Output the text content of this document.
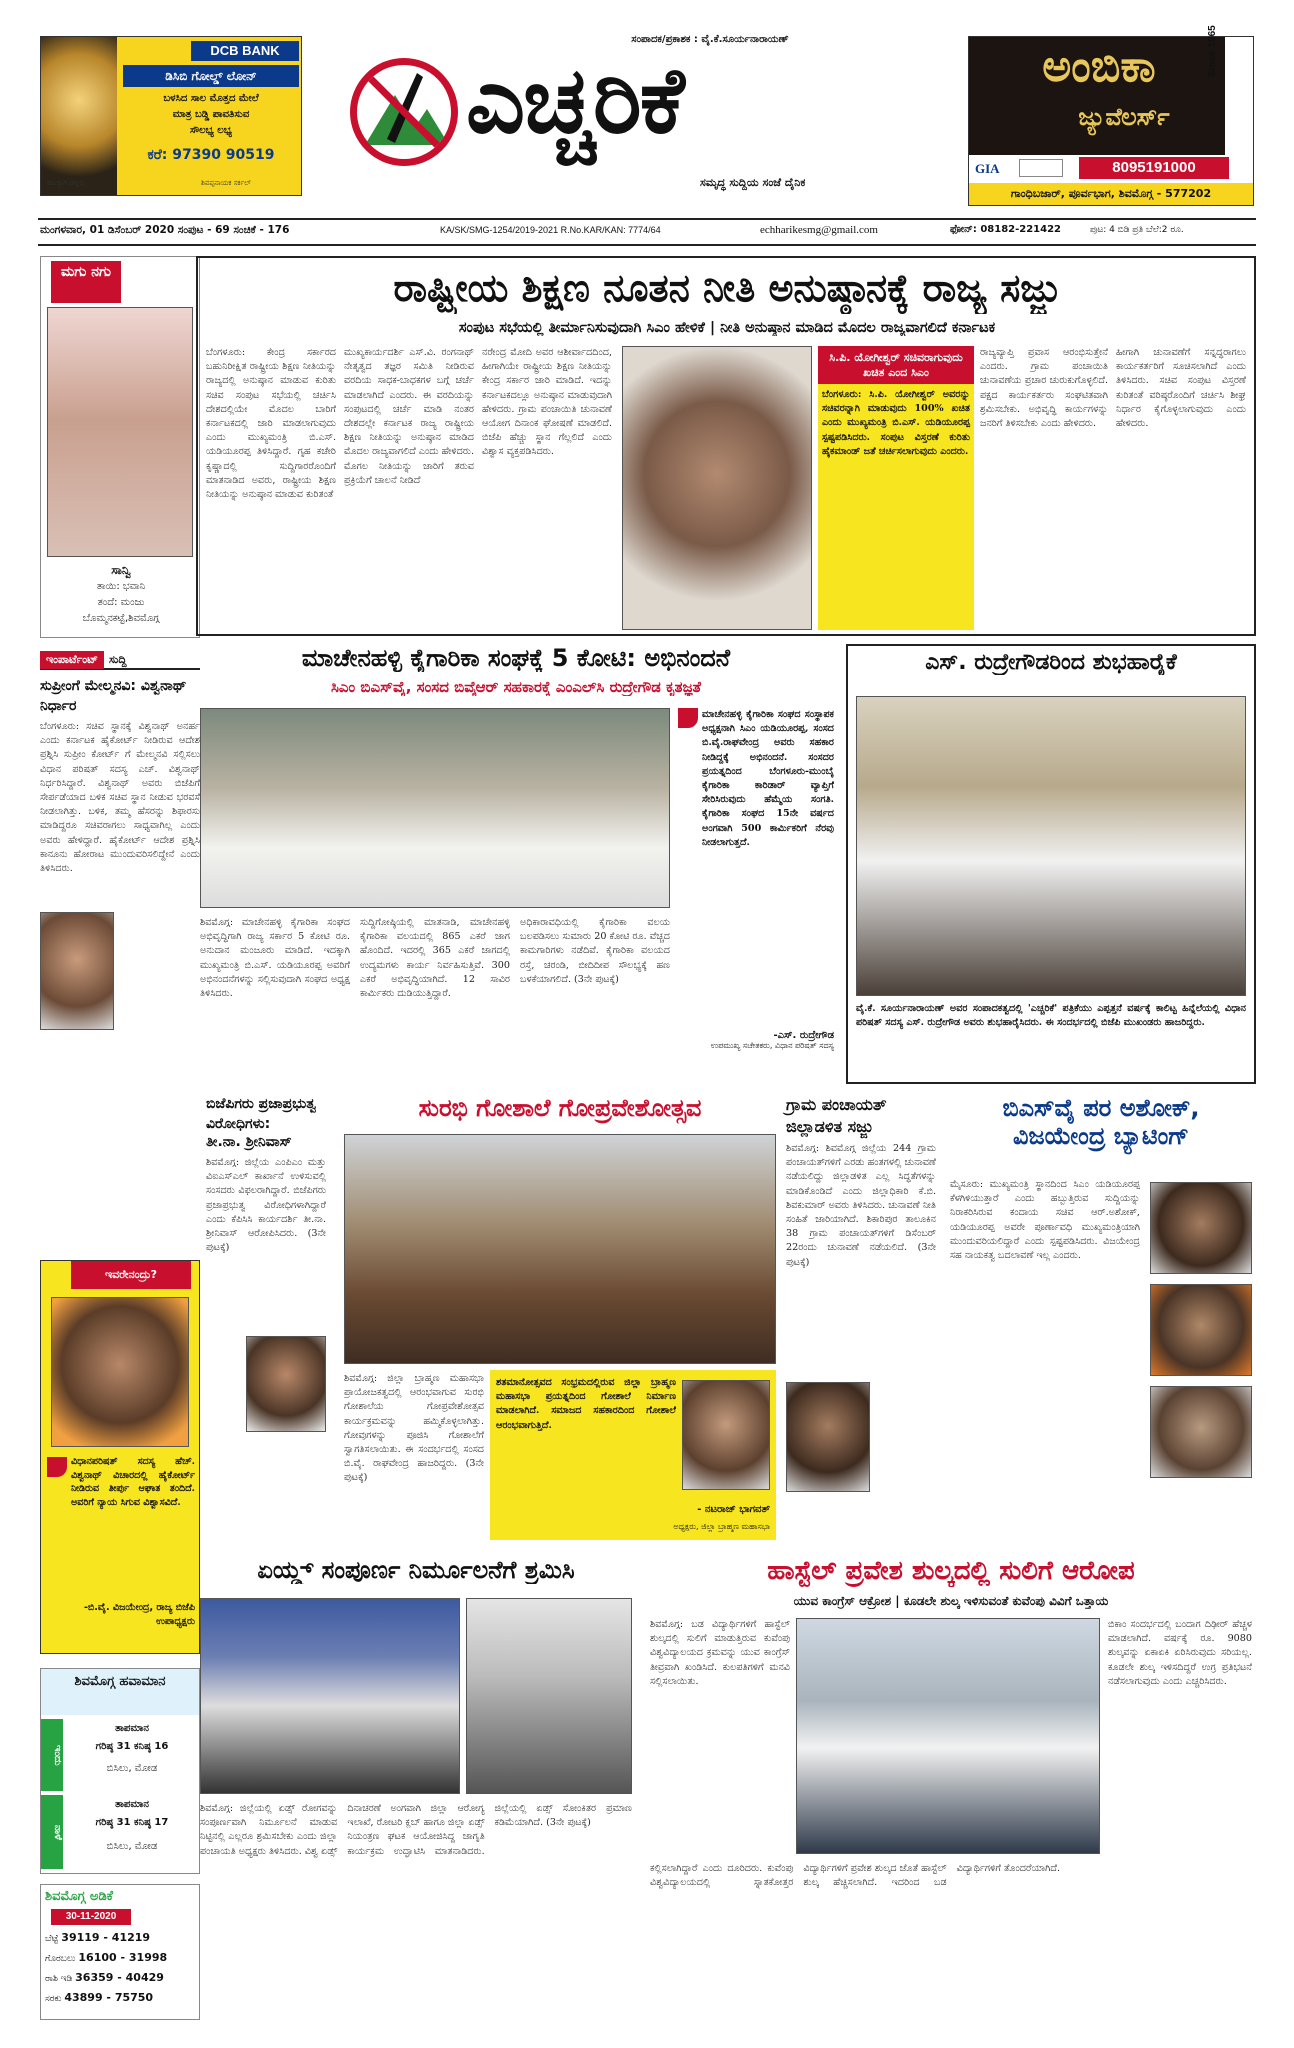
DCB BANK
ಡಿಸಿಬಿ ಗೋಲ್ಡ್ ಲೋನ್
ಬಳಸಿದ ಸಾಲ ಮೊತ್ತದ ಮೇಲೆ
ಮಾತ್ರ ಬಡ್ಡಿ ಪಾವತಿಸುವ
ಸೌಲಭ್ಯ ಲಭ್ಯ
ಕರೆ: 97390 90519
ಹಣಕ್ಕಾಗಿ ಚಿನ್ನವು	ಶಿವಪ್ಪನಾಯಕ ಸರ್ಕಲ್
ಸಂಪಾದಕ/ಪ್ರಕಾಶಕ : ವೈ.ಕೆ.ಸೂರ್ಯನಾರಾಯಣ್
ಎಚ್ಚರಿಕೆ
ಸಮೃದ್ಧ ಸುದ್ದಿಯ ಸಂಜೆ ದೈನಿಕ
ಅಂಬಿಕಾ
ಜ್ಯುವೆಲರ್ಸ್
Since 1965
GIA	8095191000
ಗಾಂಧಿಬಜಾರ್, ಪೂರ್ವಭಾಗ, ಶಿವಮೊಗ್ಗ - 577202
ಮಂಗಳವಾರ, 01 ಡಿಸೆಂಬರ್ 2020 ಸಂಪುಟ - 69 ಸಂಚಿಕೆ - 176	KA/SK/SMG-1254/2019-2021 R.No.KAR/KAN: 7774/64	echharikesmg@gmail.com	ಫೋನ್: 08182-221422	ಪುಟ: 4 ಬಿಡಿ ಪ್ರತಿ ಬೆಲೆ:2 ರೂ.
ಮಗು ನಗು
ಸಾನ್ವಿ
ತಾಯಿ: ಭವಾನಿ
ತಂದೆ: ಮಂಜು
ಬೊಮ್ಮನಕಟ್ಟೆ,ಶಿವಮೊಗ್ಗ
ಇಂಪಾರ್ಟೆಂಟ್ ಸುದ್ದಿ
ಸುಪ್ರೀಂಗೆ ಮೇಲ್ಮನವಿ: ವಿಶ್ವನಾಥ್ ನಿರ್ಧಾರ
ಬೆಂಗಳೂರು: ಸಚಿವ ಸ್ಥಾನಕ್ಕೆ ವಿಶ್ವನಾಥ್ ಅನರ್ಹ ಎಂದು ಕರ್ನಾಟಕ ಹೈಕೋರ್ಟ್ ನೀಡಿರುವ ಆದೇಶ ಪ್ರಶ್ನಿಸಿ ಸುಪ್ರೀಂ ಕೋರ್ಟ್ ಗೆ ಮೇಲ್ಮನವಿ ಸಲ್ಲಿಸಲು ವಿಧಾನ ಪರಿಷತ್ ಸದಸ್ಯ ಎಚ್. ವಿಶ್ವನಾಥ್ ನಿರ್ಧರಿಸಿದ್ದಾರೆ. ವಿಶ್ವನಾಥ್ ಅವರು ಬಿಜೆಪಿಗೆ ಸೇರ್ಪಡೆಯಾದ ಬಳಿಕ ಸಚಿವ ಸ್ಥಾನ ನೀಡುವ ಭರವಸೆ ನೀಡಲಾಗಿತ್ತು. ಬಳಿಕ, ತಮ್ಮ ಹೆಸರನ್ನು ಶಿಫಾರಸು ಮಾಡಿದ್ದರೂ ಸಚಿವರಾಗಲು ಸಾಧ್ಯವಾಗಿಲ್ಲ ಎಂದು ಅವರು ಹೇಳಿದ್ದಾರೆ. ಹೈಕೋರ್ಟ್ ಆದೇಶ ಪ್ರಶ್ನಿಸಿ ಕಾನೂನು ಹೋರಾಟ ಮುಂದುವರಿಸಲಿದ್ದೇನೆ ಎಂದು ತಿಳಿಸಿದರು.
ಇವರೇನಂದ್ರು?
ವಿಧಾನಪರಿಷತ್ ಸದಸ್ಯ ಹೆಚ್. ವಿಶ್ವನಾಥ್ ವಿಚಾರದಲ್ಲಿ ಹೈಕೋರ್ಟ್ ನೀಡಿರುವ ತೀರ್ಪು ಆಘಾತ ತಂದಿದೆ. ಅವರಿಗೆ ನ್ಯಾಯ ಸಿಗುವ ವಿಶ್ವಾಸವಿದೆ.
-ಬಿ.ವೈ. ವಿಜಯೇಂದ್ರ, ರಾಜ್ಯ ಬಿಜೆಪಿ ಉಪಾಧ್ಯಕ್ಷರು
ಶಿವಮೊಗ್ಗ ಹವಾಮಾನ
ಇಂದು
ತಾಪಮಾನ
ಗರಿಷ್ಠ 31 ಕನಿಷ್ಠ 16
ಬಿಸಿಲು, ಮೋಡ
ನಾಳೆ
ತಾಪಮಾನ
ಗರಿಷ್ಠ 31 ಕನಿಷ್ಠ 17
ಬಿಸಿಲು, ಮೋಡ
ಶಿವಮೊಗ್ಗ ಅಡಿಕೆ
30-11-2020
ಬೆಟ್ಟೆ 39119 - 41219
ಗೊರಬಲು 16100 - 31998
ರಾಶಿ ಇಡಿ 36359 - 40429
ಸರಕು 43899 - 75750
ರಾಷ್ಟ್ರೀಯ ಶಿಕ್ಷಣ ನೂತನ ನೀತಿ ಅನುಷ್ಠಾನಕ್ಕೆ ರಾಜ್ಯ ಸಜ್ಜು
ಸಂಪುಟ ಸಭೆಯಲ್ಲಿ ತೀರ್ಮಾನಿಸುವುದಾಗಿ ಸಿಎಂ ಹೇಳಿಕೆ | ನೀತಿ ಅನುಷ್ಠಾನ ಮಾಡಿದ ಮೊದಲ ರಾಜ್ಯವಾಗಲಿದೆ ಕರ್ನಾಟಕ
ಬೆಂಗಳೂರು: ಕೇಂದ್ರ ಸರ್ಕಾರದ ಬಹುನಿರೀಕ್ಷಿತ ರಾಷ್ಟ್ರೀಯ ಶಿಕ್ಷಣ ನೀತಿಯನ್ನು ರಾಜ್ಯದಲ್ಲಿ ಅನುಷ್ಠಾನ ಮಾಡುವ ಕುರಿತು ಸಚಿವ ಸಂಪುಟ ಸಭೆಯಲ್ಲಿ ಚರ್ಚಿಸಿ ದೇಶದಲ್ಲಿಯೇ ಮೊದಲ ಬಾರಿಗೆ ಕರ್ನಾಟಕದಲ್ಲಿ ಜಾರಿ ಮಾಡಲಾಗುವುದು ಎಂದು ಮುಖ್ಯಮಂತ್ರಿ ಬಿ.ಎಸ್. ಯಡಿಯೂರಪ್ಪ ತಿಳಿಸಿದ್ದಾರೆ. ಗೃಹ ಕಚೇರಿ ಕೃಷ್ಣಾದಲ್ಲಿ ಸುದ್ದಿಗಾರರೊಂದಿಗೆ ಮಾತನಾಡಿದ ಅವರು, ರಾಷ್ಟ್ರೀಯ ಶಿಕ್ಷಣ ನೀತಿಯನ್ನು ಅನುಷ್ಠಾನ ಮಾಡುವ ಕುರಿತಂತೆ
ಮುಖ್ಯಕಾರ್ಯದರ್ಶಿ ಎಸ್.ವಿ. ರಂಗನಾಥ್ ನೇತೃತ್ವದ ತಜ್ಞರ ಸಮಿತಿ ನೀಡಿರುವ ವರದಿಯ ಸಾಧಕ-ಬಾಧಕಗಳ ಬಗ್ಗೆ ಚರ್ಚೆ ಮಾಡಲಾಗಿದೆ ಎಂದರು. ಈ ವರದಿಯನ್ನು ಸಂಪುಟದಲ್ಲಿ ಚರ್ಚೆ ಮಾಡಿ ನಂತರ ದೇಶದಲ್ಲೇ ಕರ್ನಾಟಕ ರಾಜ್ಯ ರಾಷ್ಟ್ರೀಯ ಶಿಕ್ಷಣ ನೀತಿಯನ್ನು ಅನುಷ್ಠಾನ ಮಾಡಿದ ಮೊದಲ ರಾಜ್ಯವಾಗಲಿದೆ ಎಂದು ಹೇಳಿದರು. ಮೊಗಲ ನೀತಿಯನ್ನು ಜಾರಿಗೆ ತರುವ ಪ್ರಕ್ರಿಯೆಗೆ ಚಾಲನೆ ನೀಡಿದೆ
ನರೇಂದ್ರ ಮೋದಿ ಅವರ ಆಶೀರ್ವಾದದಿಂದ, ಹೀಗಾಗಿಯೇ ರಾಷ್ಟ್ರೀಯ ಶಿಕ್ಷಣ ನೀತಿಯನ್ನು ಕೇಂದ್ರ ಸರ್ಕಾರ ಜಾರಿ ಮಾಡಿದೆ. ಇದನ್ನು ಕರ್ನಾಟಕದಲ್ಲೂ ಅನುಷ್ಠಾನ ಮಾಡುವುದಾಗಿ ಹೇಳಿದರು. ಗ್ರಾಮ ಪಂಚಾಯಿತಿ ಚುನಾವಣೆ ಆಯೋಗ ದಿನಾಂಕ ಘೋಷಣೆ ಮಾಡಲಿದೆ. ಬಿಜೆಪಿ ಹೆಚ್ಚು ಸ್ಥಾನ ಗೆಲ್ಲಲಿದೆ ಎಂದು ವಿಶ್ವಾಸ ವ್ಯಕ್ತಪಡಿಸಿದರು.
ಸಿ.ಪಿ. ಯೋಗೀಶ್ವರ್ ಸಚಿವರಾಗುವುದು ಖಚಿತ ಎಂದ ಸಿಎಂ
ಬೆಂಗಳೂರು: ಸಿ.ಪಿ. ಯೋಗೀಶ್ವರ್ ಅವರನ್ನು ಸಚಿವರನ್ನಾಗಿ ಮಾಡುವುದು 100% ಖಚಿತ ಎಂದು ಮುಖ್ಯಮಂತ್ರಿ ಬಿ.ಎಸ್. ಯಡಿಯೂರಪ್ಪ ಸ್ಪಷ್ಟಪಡಿಸಿದರು. ಸಂಪುಟ ವಿಸ್ತರಣೆ ಕುರಿತು ಹೈಕಮಾಂಡ್ ಜತೆ ಚರ್ಚಿಸಲಾಗುವುದು ಎಂದರು.
ರಾಜ್ಯವ್ಯಾಪ್ತಿ ಪ್ರವಾಸ ಆರಂಭಿಸುತ್ತೇನೆ ಎಂದರು. ಗ್ರಾಮ ಪಂಚಾಯಿತಿ ಚುನಾವಣೆಯ ಪ್ರಚಾರ ಚುರುಕುಗೊಳ್ಳಲಿದೆ. ಪಕ್ಷದ ಕಾರ್ಯಕರ್ತರು ಸಂಘಟಿತವಾಗಿ ಶ್ರಮಿಸಬೇಕು. ಅಭಿವೃದ್ಧಿ ಕಾರ್ಯಗಳನ್ನು ಜನರಿಗೆ ತಿಳಿಸಬೇಕು ಎಂದು ಹೇಳಿದರು.
ಹೀಗಾಗಿ ಚುನಾವಣೆಗೆ ಸನ್ನದ್ಧರಾಗಲು ಕಾರ್ಯಕರ್ತರಿಗೆ ಸೂಚಿಸಲಾಗಿದೆ ಎಂದು ತಿಳಿಸಿದರು. ಸಚಿವ ಸಂಪುಟ ವಿಸ್ತರಣೆ ಕುರಿತಂತೆ ವರಿಷ್ಠರೊಂದಿಗೆ ಚರ್ಚಿಸಿ ಶೀಘ್ರ ನಿರ್ಧಾರ ಕೈಗೊಳ್ಳಲಾಗುವುದು ಎಂದು ಹೇಳಿದರು.
ಮಾಚೇನಹಳ್ಳಿ ಕೈಗಾರಿಕಾ ಸಂಘಕ್ಕೆ 5 ಕೋಟಿ: ಅಭಿನಂದನೆ
ಸಿಎಂ ಬಿಎಸ್‌ವೈ, ಸಂಸದ ಬಿವೈಆರ್ ಸಹಕಾರಕ್ಕೆ ಎಂಎಲ್‌ಸಿ ರುದ್ರೇಗೌಡ ಕೃತಜ್ಞತೆ
ಶಿವಮೊಗ್ಗ: ಮಾಚೇನಹಳ್ಳಿ ಕೈಗಾರಿಕಾ ಸಂಘದ ಅಭಿವೃದ್ಧಿಗಾಗಿ ರಾಜ್ಯ ಸರ್ಕಾರ 5 ಕೋಟಿ ರೂ. ಅನುದಾನ ಮಂಜೂರು ಮಾಡಿದೆ. ಇದಕ್ಕಾಗಿ ಮುಖ್ಯಮಂತ್ರಿ ಬಿ.ಎಸ್. ಯಡಿಯೂರಪ್ಪ ಅವರಿಗೆ ಅಭಿನಂದನೆಗಳನ್ನು ಸಲ್ಲಿಸುವುದಾಗಿ ಸಂಘದ ಅಧ್ಯಕ್ಷ ತಿಳಿಸಿದರು.
ಸುದ್ದಿಗೋಷ್ಠಿಯಲ್ಲಿ ಮಾತನಾಡಿ, ಮಾಚೇನಹಳ್ಳಿ ಕೈಗಾರಿಕಾ ವಲಯದಲ್ಲಿ 865 ಎಕರೆ ಜಾಗ ಹೊಂದಿದೆ. ಇದರಲ್ಲಿ 365 ಎಕರೆ ಜಾಗದಲ್ಲಿ ಉದ್ಯಮಗಳು ಕಾರ್ಯ ನಿರ್ವಹಿಸುತ್ತಿವೆ. 300 ಎಕರೆ ಅಭಿವೃದ್ಧಿಯಾಗಿದೆ. 12 ಸಾವಿರ ಕಾರ್ಮಿಕರು ದುಡಿಯುತ್ತಿದ್ದಾರೆ.
ಅಧಿಕಾರಾವಧಿಯಲ್ಲಿ ಕೈಗಾರಿಕಾ ವಲಯ ಬಲಪಡಿಸಲು ಸುಮಾರು 20 ಕೋಟಿ ರೂ. ವೆಚ್ಚದ ಕಾಮಗಾರಿಗಳು ನಡೆದಿವೆ. ಕೈಗಾರಿಕಾ ವಲಯದ ರಸ್ತೆ, ಚರಂಡಿ, ಬೀದಿದೀಪ ಸೌಲಭ್ಯಕ್ಕೆ ಹಣ ಬಳಕೆಯಾಗಲಿದೆ. (3ನೇ ಪುಟಕ್ಕೆ)
ಮಾಚೇನಹಳ್ಳಿ ಕೈಗಾರಿಕಾ ಸಂಘದ ಸಂಸ್ಥಾಪಕ ಅಧ್ಯಕ್ಷನಾಗಿ ಸಿಎಂ ಯಡಿಯೂರಪ್ಪ, ಸಂಸದ ಬಿ.ವೈ.ರಾಘವೇಂದ್ರ ಅವರು ಸಹಕಾರ ನೀಡಿದ್ದಕ್ಕೆ ಅಭಿನಂದನೆ. ಸಂಸದರ ಪ್ರಯತ್ನದಿಂದ ಬೆಂಗಳೂರು-ಮುಂಬೈ ಕೈಗಾರಿಕಾ ಕಾರಿಡಾರ್ ವ್ಯಾಪ್ತಿಗೆ ಸೇರಿಸಿರುವುದು ಹೆಮ್ಮೆಯ ಸಂಗತಿ. ಕೈಗಾರಿಕಾ ಸಂಘದ 15ನೇ ವರ್ಷದ ಅಂಗವಾಗಿ 500 ಕಾರ್ಮಿಕರಿಗೆ ನೆರವು ನೀಡಲಾಗುತ್ತದೆ.
-ಎಸ್. ರುದ್ರೇಗೌಡ
ಉಪಮುಖ್ಯ ಸಚೇತಕರು, ವಿಧಾನ ಪರಿಷತ್ ಸದಸ್ಯ
ಎಸ್. ರುದ್ರೇಗೌಡರಿಂದ ಶುಭಹಾರೈಕೆ
ವೈ.ಕೆ. ಸೂರ್ಯನಾರಾಯಣ್ ಅವರ ಸಂಪಾದಕತ್ವದಲ್ಲಿ 'ಎಚ್ಚರಿಕೆ' ಪತ್ರಿಕೆಯು ಎಪ್ಪತ್ತನೆ ವರ್ಷಕ್ಕೆ ಕಾಲಿಟ್ಟ ಹಿನ್ನೆಲೆಯಲ್ಲಿ ವಿಧಾನ ಪರಿಷತ್ ಸದಸ್ಯ ಎಸ್. ರುದ್ರೇಗೌಡ ಅವರು ಶುಭಹಾರೈಸಿದರು. ಈ ಸಂದರ್ಭದಲ್ಲಿ ಬಿಜೆಪಿ ಮುಖಂಡರು ಹಾಜರಿದ್ದರು.
ಬಿಜೆಪಿಗರು ಪ್ರಜಾಪ್ರಭುತ್ವ ವಿರೋಧಿಗಳು:
ತೀ.ನಾ. ಶ್ರೀನಿವಾಸ್
ಶಿವಮೊಗ್ಗ: ಜಿಲ್ಲೆಯ ಎಂಪಿಎಂ ಮತ್ತು ವಿಐಎಸ್ಎಲ್ ಕಾರ್ಖಾನೆ ಉಳಿಸುವಲ್ಲಿ ಸಂಸದರು ವಿಫಲರಾಗಿದ್ದಾರೆ. ಬಿಜೆಪಿಗರು ಪ್ರಜಾಪ್ರಭುತ್ವ ವಿರೋಧಿಗಳಾಗಿದ್ದಾರೆ ಎಂದು ಕೆಪಿಸಿಸಿ ಕಾರ್ಯದರ್ಶಿ ತೀ.ನಾ. ಶ್ರೀನಿವಾಸ್ ಆರೋಪಿಸಿದರು. (3ನೇ ಪುಟಕ್ಕೆ)
ಸುರಭಿ ಗೋಶಾಲೆ ಗೋಪ್ರವೇಶೋತ್ಸವ
ಶಿವಮೊಗ್ಗ: ಜಿಲ್ಲಾ ಬ್ರಾಹ್ಮಣ ಮಹಾಸಭಾ ಪ್ರಾಯೋಜಕತ್ವದಲ್ಲಿ ಆರಂಭವಾಗುವ ಸುರಭಿ ಗೋಶಾಲೆಯ ಗೋಪ್ರವೇಶೋತ್ಸವ ಕಾರ್ಯಕ್ರಮವನ್ನು ಹಮ್ಮಿಕೊಳ್ಳಲಾಗಿತ್ತು. ಗೋವುಗಳನ್ನು ಪೂಜಿಸಿ ಗೋಶಾಲೆಗೆ ಸ್ವಾಗತಿಸಲಾಯಿತು. ಈ ಸಂದರ್ಭದಲ್ಲಿ ಸಂಸದ ಬಿ.ವೈ. ರಾಘವೇಂದ್ರ ಹಾಜರಿದ್ದರು. (3ನೇ ಪುಟಕ್ಕೆ)
ಶತಮಾನೋತ್ಸವದ ಸಂಭ್ರಮದಲ್ಲಿರುವ ಜಿಲ್ಲಾ ಬ್ರಾಹ್ಮಣ ಮಹಾಸಭಾ ಪ್ರಯತ್ನದಿಂದ ಗೋಶಾಲೆ ನಿರ್ಮಾಣ ಮಾಡಲಾಗಿದೆ. ಸಮಾಜದ ಸಹಕಾರದಿಂದ ಗೋಶಾಲೆ ಆರಂಭವಾಗುತ್ತಿದೆ.
- ನಟರಾಜ್ ಭಾಗವತ್
ಅಧ್ಯಕ್ಷರು, ಜಿಲ್ಲಾ ಬ್ರಾಹ್ಮಣ ಮಹಾಸಭಾ
ಗ್ರಾಮ ಪಂಚಾಯತ್ ಜಿಲ್ಲಾಡಳಿತ ಸಜ್ಜು
ಶಿವಮೊಗ್ಗ: ಶಿವಮೊಗ್ಗ ಜಿಲ್ಲೆಯ 244 ಗ್ರಾಮ ಪಂಚಾಯತ್‌ಗಳಿಗೆ ಎರಡು ಹಂತಗಳಲ್ಲಿ ಚುನಾವಣೆ ನಡೆಯಲಿದ್ದು ಜಿಲ್ಲಾಡಳಿತ ಎಲ್ಲ ಸಿದ್ಧತೆಗಳನ್ನು ಮಾಡಿಕೊಂಡಿದೆ ಎಂದು ಜಿಲ್ಲಾಧಿಕಾರಿ ಕೆ.ಬಿ. ಶಿವಕುಮಾರ್ ಅವರು ತಿಳಿಸಿದರು. ಚುನಾವಣೆ ನೀತಿ ಸಂಹಿತೆ ಜಾರಿಯಾಗಿದೆ. ಶಿಕಾರಿಪುರ ತಾಲೂಕಿನ 38 ಗ್ರಾಮ ಪಂಚಾಯತ್‌ಗಳಿಗೆ ಡಿಸೆಂಬರ್ 22ರಂದು ಚುನಾವಣೆ ನಡೆಯಲಿದೆ. (3ನೇ ಪುಟಕ್ಕೆ)
ಬಿಎಸ್‌ವೈ ಪರ ಅಶೋಕ್,
ವಿಜಯೇಂದ್ರ ಬ್ಯಾಟಿಂಗ್
ಮೈಸೂರು: ಮುಖ್ಯಮಂತ್ರಿ ಸ್ಥಾನದಿಂದ ಸಿಎಂ ಯಡಿಯೂರಪ್ಪ ಕೆಳಗಿಳಿಯುತ್ತಾರೆ ಎಂದು ಹಬ್ಬುತ್ತಿರುವ ಸುದ್ದಿಯನ್ನು ನಿರಾಕರಿಸಿರುವ ಕಂದಾಯ ಸಚಿವ ಆರ್.ಅಶೋಕ್, ಯಡಿಯೂರಪ್ಪ ಅವರೇ ಪೂರ್ಣಾವಧಿ ಮುಖ್ಯಮಂತ್ರಿಯಾಗಿ ಮುಂದುವರಿಯಲಿದ್ದಾರೆ ಎಂದು ಸ್ಪಷ್ಟಪಡಿಸಿದರು. ವಿಜಯೇಂದ್ರ ಸಹ ನಾಯಕತ್ವ ಬದಲಾವಣೆ ಇಲ್ಲ ಎಂದರು.
ಏಯ್ಡ್ಸ್ ಸಂಪೂರ್ಣ ನಿರ್ಮೂಲನೆಗೆ ಶ್ರಮಿಸಿ
ಶಿವಮೊಗ್ಗ: ಜಿಲ್ಲೆಯಲ್ಲಿ ಏಡ್ಸ್ ರೋಗವನ್ನು ಸಂಪೂರ್ಣವಾಗಿ ನಿರ್ಮೂಲನೆ ಮಾಡುವ ನಿಟ್ಟಿನಲ್ಲಿ ಎಲ್ಲರೂ ಶ್ರಮಿಸಬೇಕು ಎಂದು ಜಿಲ್ಲಾ ಪಂಚಾಯತಿ ಅಧ್ಯಕ್ಷರು ತಿಳಿಸಿದರು. ವಿಶ್ವ ಏಡ್ಸ್ ದಿನಾಚರಣೆ ಅಂಗವಾಗಿ ಜಿಲ್ಲಾ ಆರೋಗ್ಯ ಇಲಾಖೆ, ರೋಟರಿ ಕ್ಲಬ್ ಹಾಗೂ ಜಿಲ್ಲಾ ಏಡ್ಸ್ ನಿಯಂತ್ರಣ ಘಟಕ ಆಯೋಜಿಸಿದ್ದ ಜಾಗೃತಿ ಕಾರ್ಯಕ್ರಮ ಉದ್ಘಾಟಿಸಿ ಮಾತನಾಡಿದರು. ಜಿಲ್ಲೆಯಲ್ಲಿ ಏಡ್ಸ್ ಸೋಂಕಿತರ ಪ್ರಮಾಣ ಕಡಿಮೆಯಾಗಿದೆ. (3ನೇ ಪುಟಕ್ಕೆ)
ಹಾಸ್ಟೆಲ್ ಪ್ರವೇಶ ಶುಲ್ಕದಲ್ಲಿ ಸುಲಿಗೆ ಆರೋಪ
ಯುವ ಕಾಂಗ್ರೆಸ್ ಆಕ್ರೋಶ | ಕೂಡಲೇ ಶುಲ್ಕ ಇಳಿಸುವಂತೆ ಕುವೆಂಪು ವಿವಿಗೆ ಒತ್ತಾಯ
ಶಿವಮೊಗ್ಗ: ಬಡ ವಿದ್ಯಾರ್ಥಿಗಳಿಗೆ ಹಾಸ್ಟೆಲ್ ಶುಲ್ಕದಲ್ಲಿ ಸುಲಿಗೆ ಮಾಡುತ್ತಿರುವ ಕುವೆಂಪು ವಿಶ್ವವಿದ್ಯಾಲಯದ ಕ್ರಮವನ್ನು ಯುವ ಕಾಂಗ್ರೆಸ್ ತೀವ್ರವಾಗಿ ಖಂಡಿಸಿದೆ. ಕುಲಪತಿಗಳಿಗೆ ಮನವಿ ಸಲ್ಲಿಸಲಾಯಿತು.
ಕಲ್ಲಿಸಲಾಗಿದ್ದಾರೆ ಎಂದು ದೂರಿದರು. ಕುವೆಂಪು ವಿಶ್ವವಿದ್ಯಾಲಯದಲ್ಲಿ ಸ್ನಾತಕೋತ್ತರ ವಿದ್ಯಾರ್ಥಿಗಳಿಗೆ ಪ್ರವೇಶ ಶುಲ್ಕದ ಜೊತೆ ಹಾಸ್ಟೆಲ್ ಶುಲ್ಕ ಹೆಚ್ಚಿಸಲಾಗಿದೆ. ಇದರಿಂದ ಬಡ ವಿದ್ಯಾರ್ಥಿಗಳಿಗೆ ತೊಂದರೆಯಾಗಿದೆ.
ಬಿಕಾಂ ಸಂದರ್ಭದಲ್ಲಿ ಬಂದಾಗ ದಿಢೀರ್ ಹೆಚ್ಚಳ ಮಾಡಲಾಗಿದೆ. ವರ್ಷಕ್ಕೆ ರೂ. 9080 ಶುಲ್ಕವನ್ನು ಏಕಾಏಕಿ ಏರಿಸಿರುವುದು ಸರಿಯಲ್ಲ. ಕೂಡಲೇ ಶುಲ್ಕ ಇಳಿಸದಿದ್ದರೆ ಉಗ್ರ ಪ್ರತಿಭಟನೆ ನಡೆಸಲಾಗುವುದು ಎಂದು ಎಚ್ಚರಿಸಿದರು.
